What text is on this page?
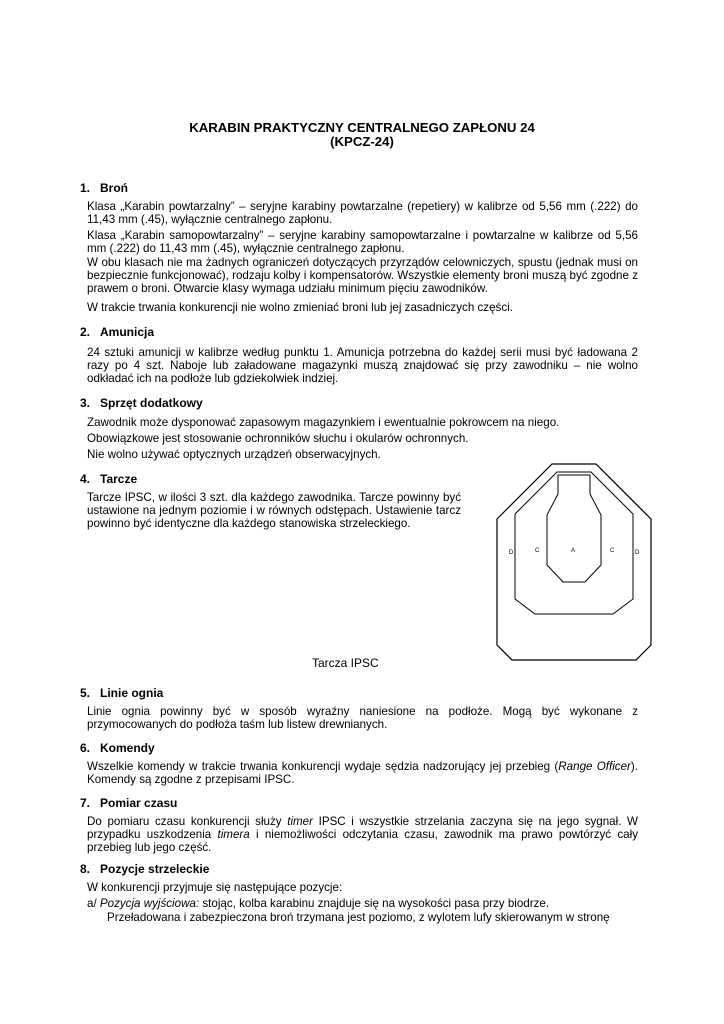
KARABIN PRAKTYCZNY CENTRALNEGO ZAPŁONU 24
(KPCZ-24)
1. Broń
Klasa „Karabin powtarzalny” – seryjne karabiny powtarzalne (repetiery) w kalibrze od 5,56 mm (.222) do 11,43 mm (.45), wyłącznie centralnego zapłonu.
Klasa „Karabin samopowtarzalny” – seryjne karabiny samopowtarzalne i powtarzalne w kalibrze od 5,56 mm (.222) do 11,43 mm (.45), wyłącznie centralnego zapłonu.
W obu klasach nie ma żadnych ograniczeń dotyczących przyrządów celowniczych, spustu (jednak musi on bezpiecznie funkcjonować), rodzaju kolby i kompensatorów. Wszystkie elementy broni muszą być zgodne z prawem o broni. Otwarcie klasy wymaga udziału minimum pięciu zawodników.
W trakcie trwania konkurencji nie wolno zmieniać broni lub jej zasadniczych części.
2. Amunicja
24 sztuki amunicji w kalibrze według punktu 1. Amunicja potrzebna do każdej serii musi być ładowana 2 razy po 4 szt. Naboje lub załadowane magazynki muszą znajdować się przy zawodniku – nie wolno odkładać ich na podłoże lub gdziekolwiek indziej.
3. Sprzęt dodatkowy
Zawodnik może dysponować zapasowym magazynkiem i ewentualnie pokrowcem na niego.
Obowiązkowe jest stosowanie ochronników słuchu i okularów ochronnych.
Nie wolno używać optycznych urządzeń obserwacyjnych.
4. Tarcze
Tarcze IPSC, w ilości 3 szt. dla każdego zawodnika. Tarcze powinny być ustawione na jednym poziomie i w równych odstępach. Ustawienie tarcz powinno być identyczne dla każdego stanowiska strzeleckiego.
D	C	A	C	D
Tarcza IPSC
5. Linie ognia
Linie ognia powinny być w sposób wyraźny naniesione na podłoże. Mogą być wykonane z przymocowanych do podłoża taśm lub listew drewnianych.
6. Komendy
Wszelkie komendy w trakcie trwania konkurencji wydaje sędzia nadzorujący jej przebieg (Range Officer). Komendy są zgodne z przepisami IPSC.
7. Pomiar czasu
Do pomiaru czasu konkurencji służy timer IPSC i wszystkie strzelania zaczyna się na jego sygnał. W przypadku uszkodzenia timera i niemożliwości odczytania czasu, zawodnik ma prawo powtórzyć cały przebieg lub jego część.
8. Pozycje strzeleckie
W konkurencji przyjmuje się następujące pozycje:
a/ Pozycja wyjściowa: stojąc, kolba karabinu znajduje się na wysokości pasa przy biodrze.
Przeładowana i zabezpieczona broń trzymana jest poziomo, z wylotem lufy skierowanym w stronę
